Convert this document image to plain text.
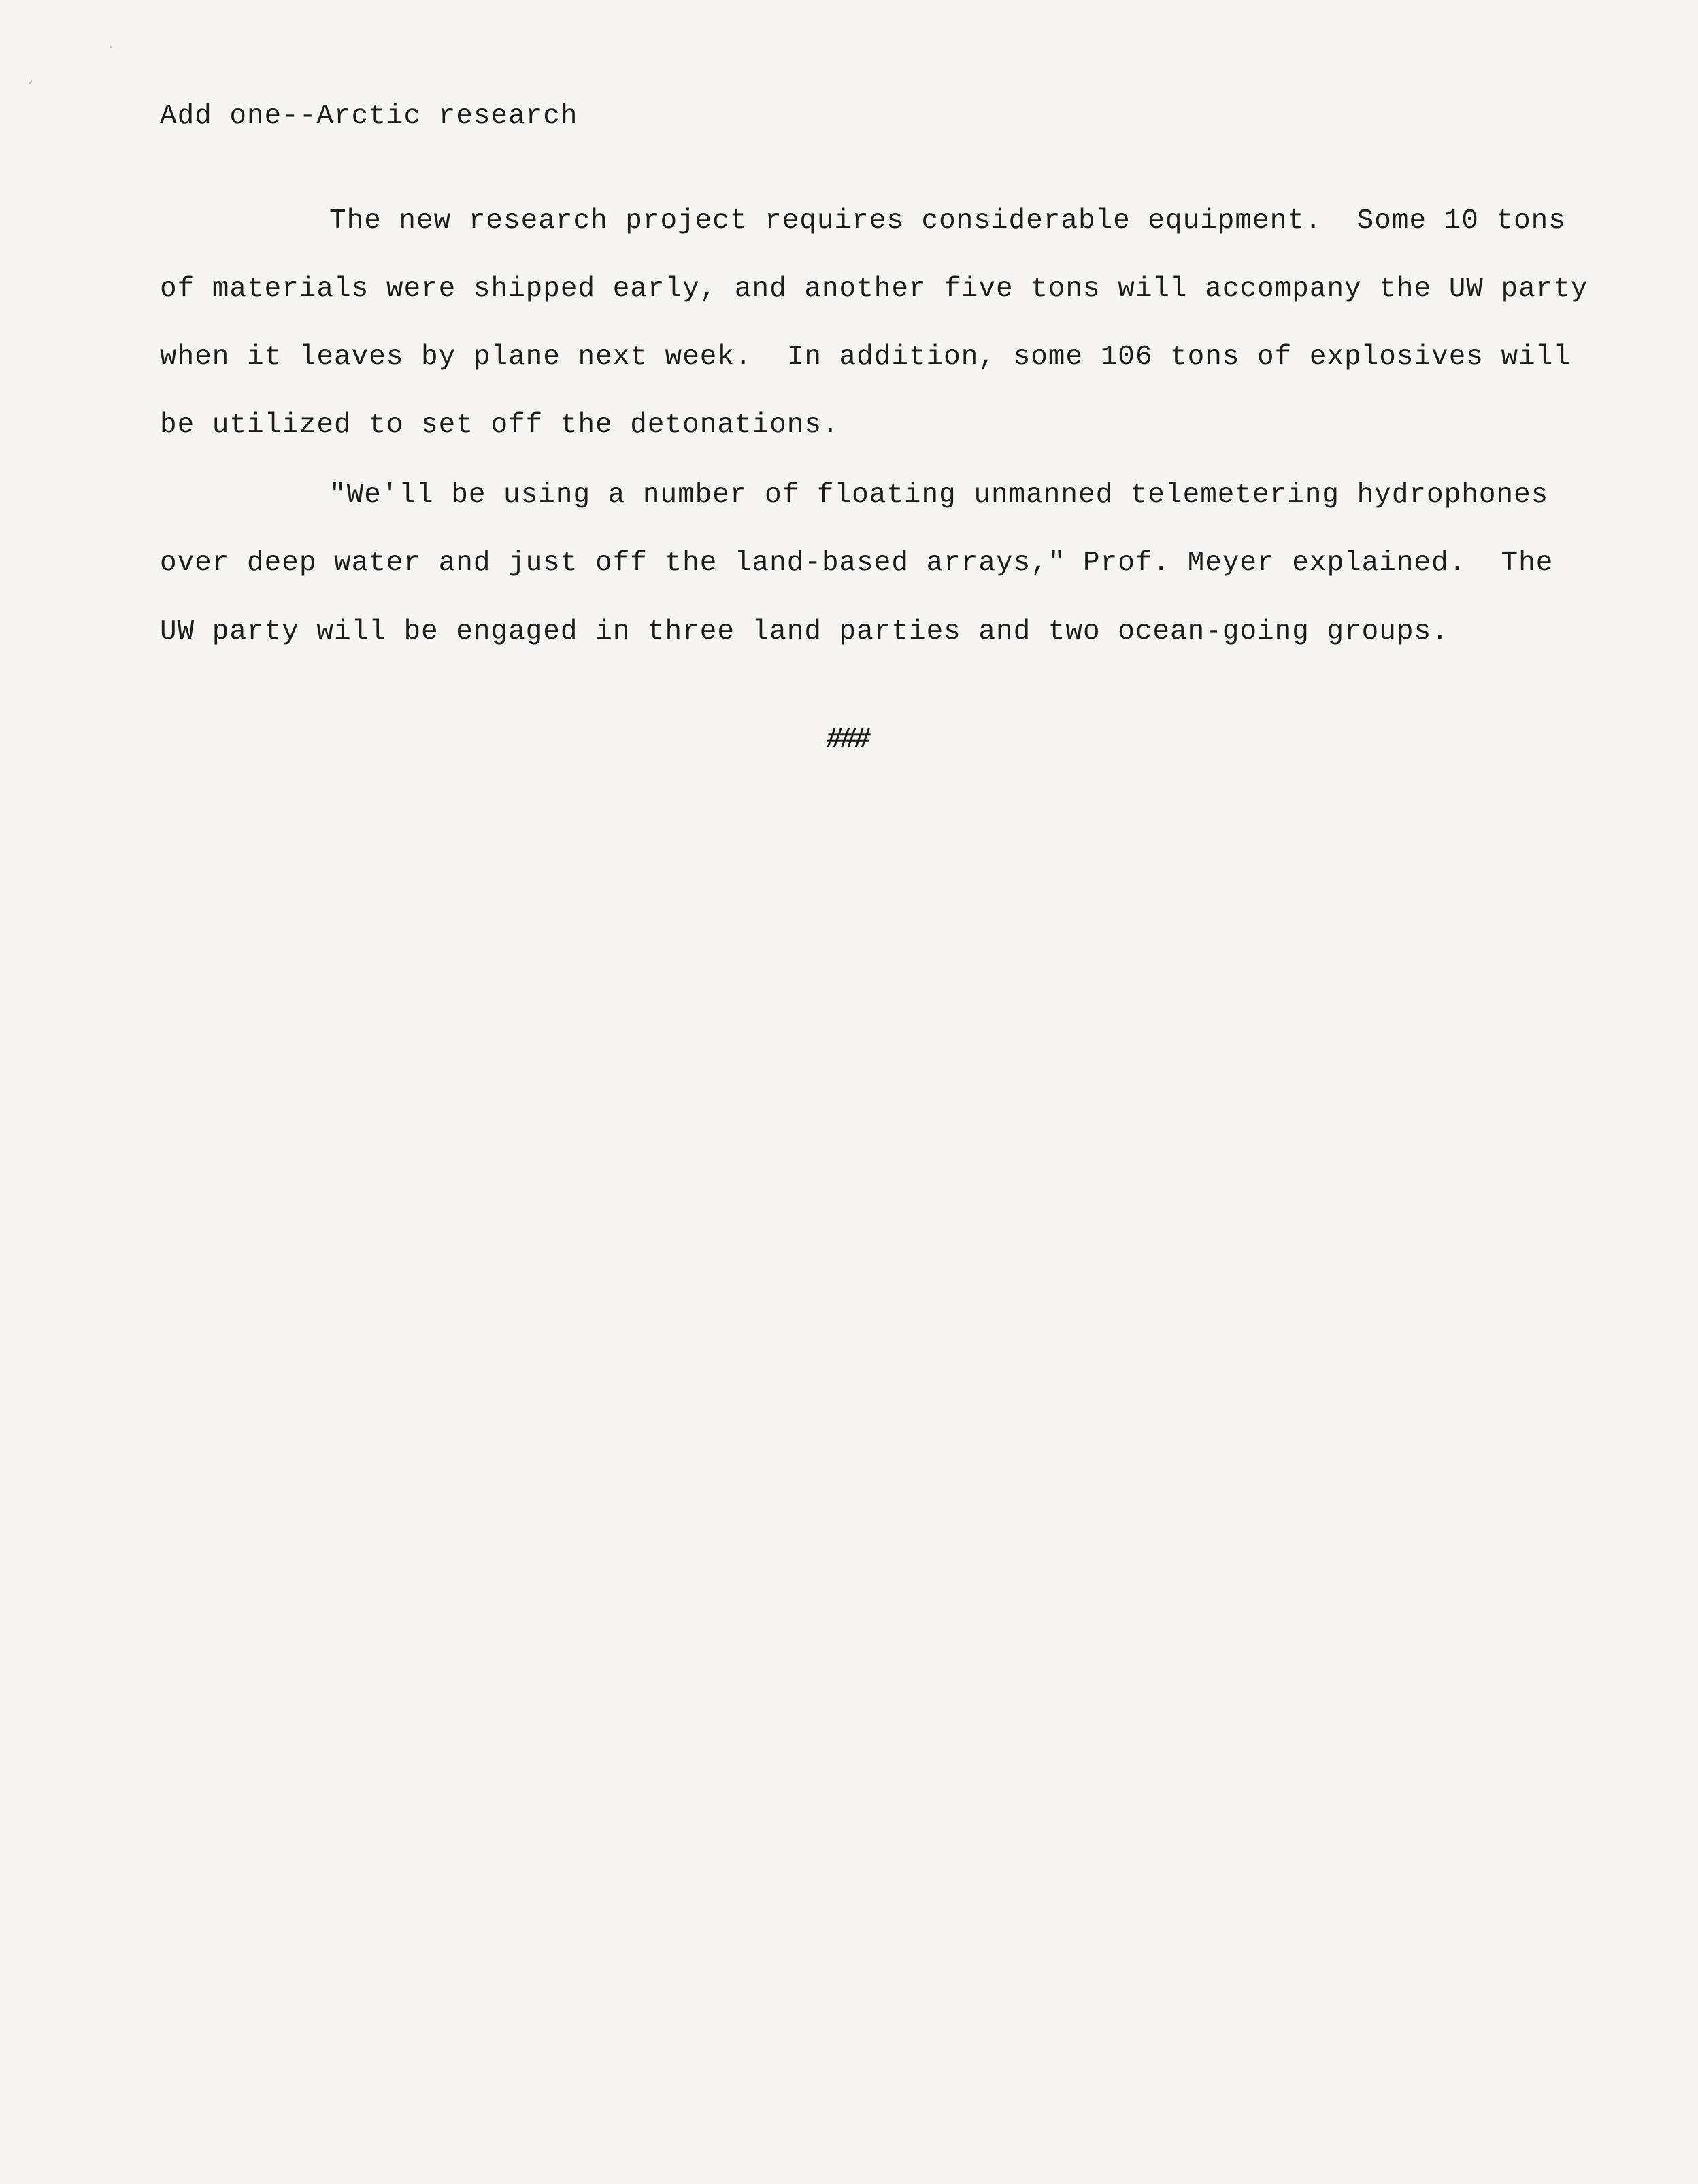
Add one--Arctic research
The new research project requires considerable equipment.  Some 10 tons
of materials were shipped early, and another five tons will accompany the UW party
when it leaves by plane next week.  In addition, some 106 tons of explosives will
be utilized to set off the detonations.
"We'll be using a number of floating unmanned telemetering hydrophones
over deep water and just off the land-based arrays," Prof. Meyer explained.  The
UW party will be engaged in three land parties and two ocean-going groups.
###
